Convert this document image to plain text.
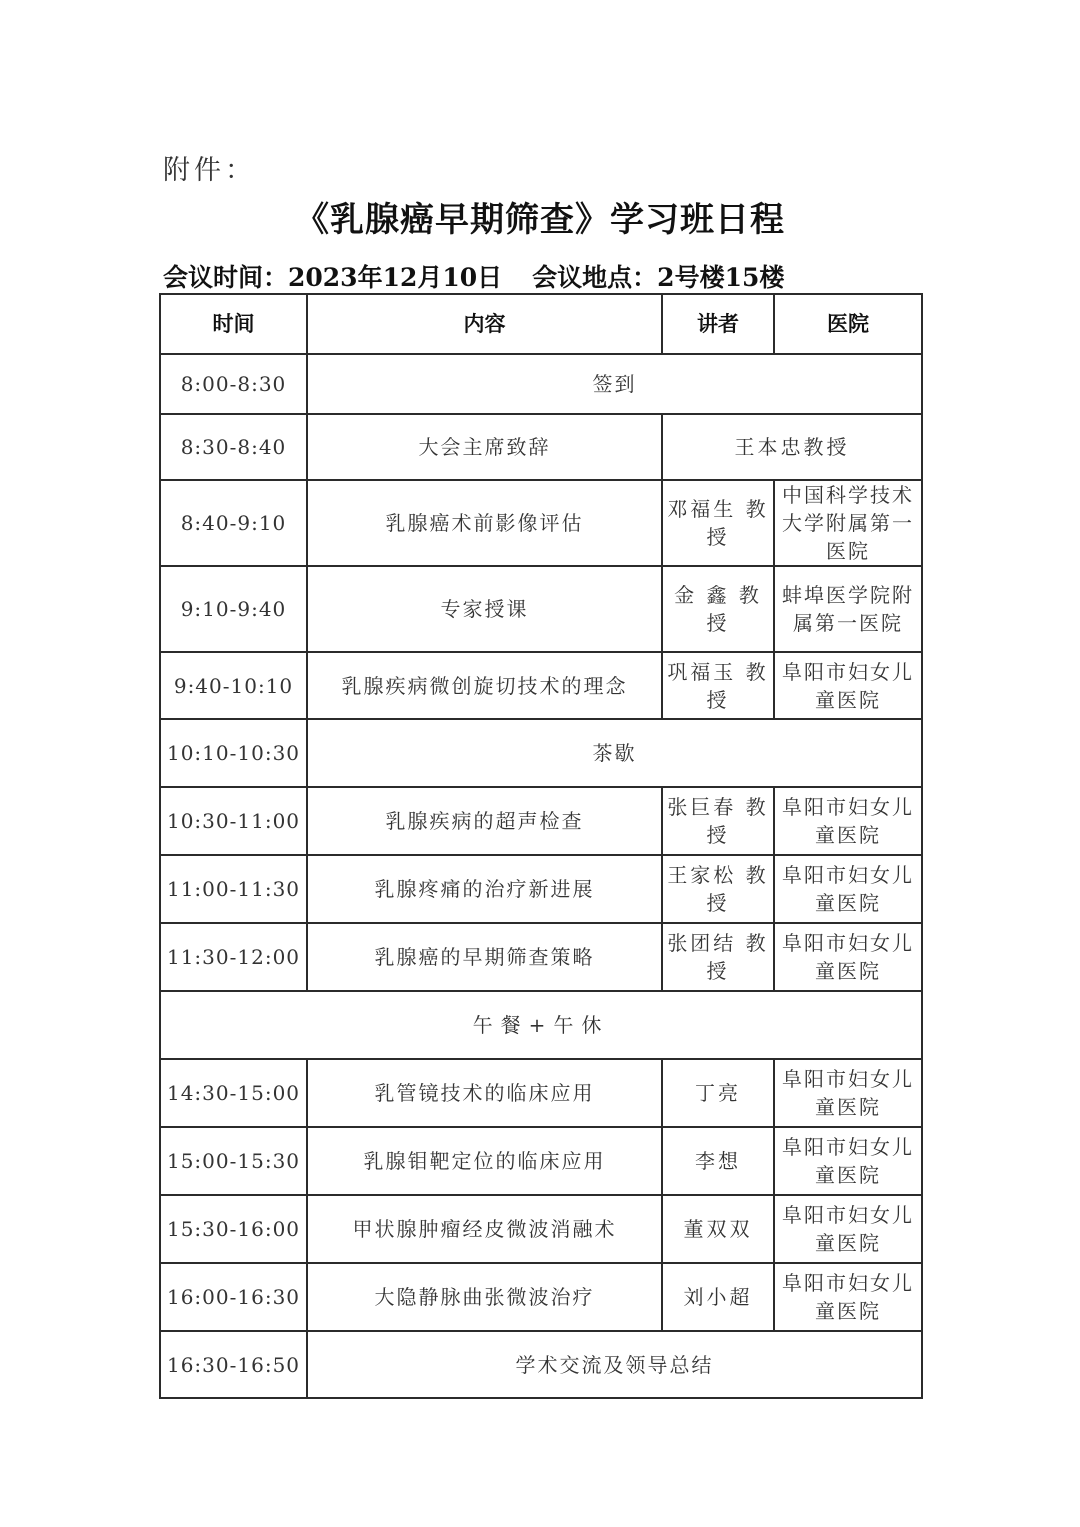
附件：
《乳腺癌早期筛查》学习班日程
会议时间：2023年12月10日 会议地点：2号楼15楼
时间	内容	讲者	医院
8:00-8:30	签到		
8:30-8:40	大会主席致辞	王本忠教授	
8:40-9:10	乳腺癌术前影像评估	邓福生 教授	中国科学技术大学附属第一医院
9:10-9:40	专家授课	金 鑫 教授	蚌埠医学院附属第一医院
9:40-10:10	乳腺疾病微创旋切技术的理念	巩福玉 教授	阜阳市妇女儿童医院
10:10-10:30	茶歇		
10:30-11:00	乳腺疾病的超声检查	张巨春 教授	阜阳市妇女儿童医院
11:00-11:30	乳腺疼痛的治疗新进展	王家松 教授	阜阳市妇女儿童医院
11:30-12:00	乳腺癌的早期筛查策略	张团结 教授	阜阳市妇女儿童医院
午餐+午休			
14:30-15:00	乳管镜技术的临床应用	丁亮	阜阳市妇女儿童医院
15:00-15:30	乳腺钼靶定位的临床应用	李想	阜阳市妇女儿童医院
15:30-16:00	甲状腺肿瘤经皮微波消融术	董双双	阜阳市妇女儿童医院
16:00-16:30	大隐静脉曲张微波治疗	刘小超	阜阳市妇女儿童医院
16:30-16:50	学术交流及领导总结		
